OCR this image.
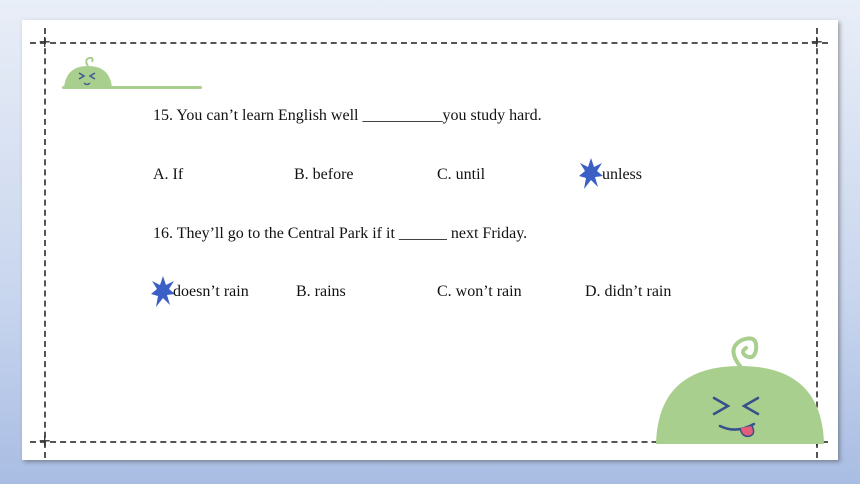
+	+
+
15. You can’t learn English well __________you study hard.
A. If	B. before	C. until	unless
16. They’ll go to the Central Park if it ______ next Friday.
doesn’t rain	B. rains	C. won’t rain	D. didn’t rain
